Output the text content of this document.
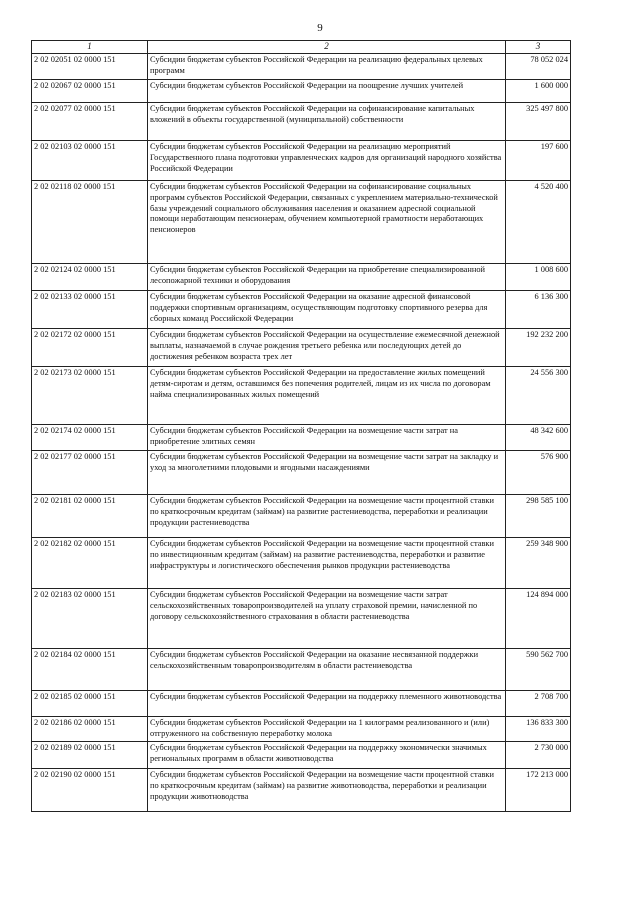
9
1	2	3
2 02 02051 02 0000 151	Субсидии бюджетам субъектов Российской Федерации на реализацию федеральных целевых программ	78 052 024
2 02 02067 02 0000 151	Субсидии бюджетам субъектов Российской Федерации на поощрение лучших учителей	1 600 000
2 02 02077 02 0000 151	Субсидии бюджетам субъектов Российской Федерации на софинансирование капитальных вложений в объекты государственной (муниципальной) собственности	325 497 800
2 02 02103 02 0000 151	Субсидии бюджетам субъектов Российской Федерации на реализацию мероприятий Государственного плана подготовки управленческих кадров для организаций народного хозяйства Российской Федерации	197 600
2 02 02118 02 0000 151	Субсидии бюджетам субъектов Российской Федерации на софинансирование социальных программ субъектов Российской Федерации, связанных с укреплением материально-технической базы учреждений социального обслуживания населения и оказанием адресной социальной помощи неработающим пенсионерам, обучением компьютерной грамотности неработающих пенсионеров	4 520 400
2 02 02124 02 0000 151	Субсидии бюджетам субъектов Российской Федерации на приобретение специализированной лесопожарной техники и оборудования	1 008 600
2 02 02133 02 0000 151	Субсидии бюджетам субъектов Российской Федерации на оказание адресной финансовой поддержки спортивным организациям, осуществляющим подготовку спортивного резерва для сборных команд Российской Федерации	6 136 300
2 02 02172 02 0000 151	Субсидии бюджетам субъектов Российской Федерации на осуществление ежемесячной денежной выплаты, назначаемой в случае рождения третьего ребенка или последующих детей до достижения ребенком возраста трех лет	192 232 200
2 02 02173 02 0000 151	Субсидии бюджетам субъектов Российской Федерации на предоставление жилых помещений детям-сиротам и детям, оставшимся без попечения родителей, лицам из их числа по договорам найма специализированных жилых помещений	24 556 300
2 02 02174 02 0000 151	Субсидии бюджетам субъектов Российской Федерации на возмещение части затрат на приобретение элитных семян	48 342 600
2 02 02177 02 0000 151	Субсидии бюджетам субъектов Российской Федерации на возмещение части затрат на закладку и уход за многолетними плодовыми и ягодными насаждениями	576 900
2 02 02181 02 0000 151	Субсидии бюджетам субъектов Российской Федерации на возмещение части процентной ставки по краткосрочным кредитам (займам) на развитие растениеводства, переработки и реализации продукции растениеводства	298 585 100
2 02 02182 02 0000 151	Субсидии бюджетам субъектов Российской Федерации на возмещение части процентной ставки по инвестиционным кредитам (займам) на развитие растениеводства, переработки и развитие инфраструктуры и логистического обеспечения рынков продукции растениеводства	259 348 900
2 02 02183 02 0000 151	Субсидии бюджетам субъектов Российской Федерации на возмещение части затрат сельскохозяйственных товаропроизводителей на уплату страховой премии, начисленной по договору сельскохозяйственного страхования в области растениеводства	124 894 000
2 02 02184 02 0000 151	Субсидии бюджетам субъектов Российской Федерации на оказание несвязанной поддержки сельскохозяйственным товаропроизводителям в области растениеводства	590 562 700
2 02 02185 02 0000 151	Субсидии бюджетам субъектов Российской Федерации на поддержку племенного животноводства	2 708 700
2 02 02186 02 0000 151	Субсидии бюджетам субъектов Российской Федерации на 1 килограмм реализованного и (или) отгруженного на собственную переработку молока	136 833 300
2 02 02189 02 0000 151	Субсидии бюджетам субъектов Российской Федерации на поддержку экономически значимых региональных программ в области животноводства	2 730 000
2 02 02190 02 0000 151	Субсидии бюджетам субъектов Российской Федерации на возмещение части процентной ставки по краткосрочным кредитам (займам) на развитие животноводства, переработки и реализации продукции животноводства	172 213 000
